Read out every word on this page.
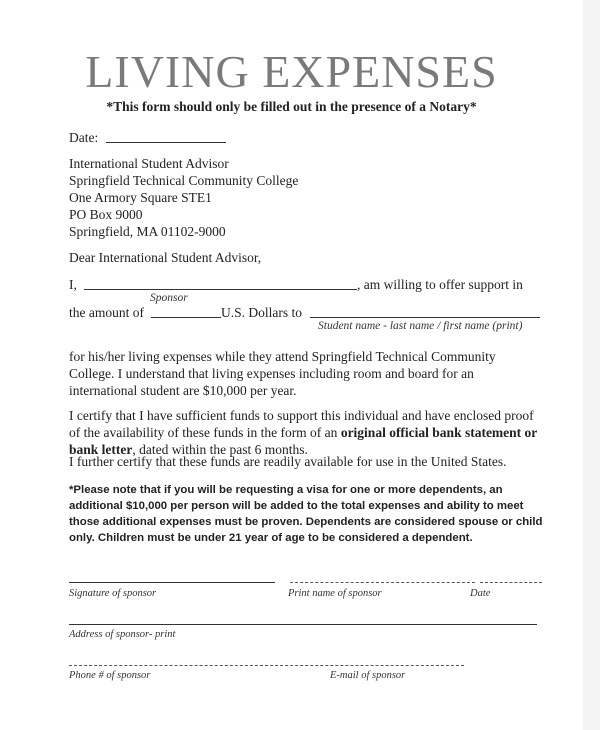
LIVING EXPENSES
*This form should only be filled out in the presence of a Notary*
Date:
International Student Advisor
Springfield Technical Community College
One Armory Square STE1
PO Box 9000
Springfield, MA 01102-9000
Dear International Student Advisor,
I,	, am willing to offer support in
Sponsor
the amount of	U.S. Dollars to
Student name - last name / first name (print)
for his/her living expenses while they attend Springfield Technical Community College. I understand that living expenses including room and board for an international student are $10,000 per year.
I certify that I have sufficient funds to support this individual and have enclosed proof of the availability of these funds in the form of an original official bank statement or bank letter, dated within the past 6 months.
I further certify that these funds are readily available for use in the United States.
*Please note that if you will be requesting a visa for one or more dependents, an additional $10,000 per person will be added to the total expenses and ability to meet those additional expenses must be proven. Dependents are considered spouse or child only. Children must be under 21 year of age to be considered a dependent.
Signature of sponsor	Print name of sponsor	Date
Address of sponsor- print
Phone # of sponsor	E-mail of sponsor
